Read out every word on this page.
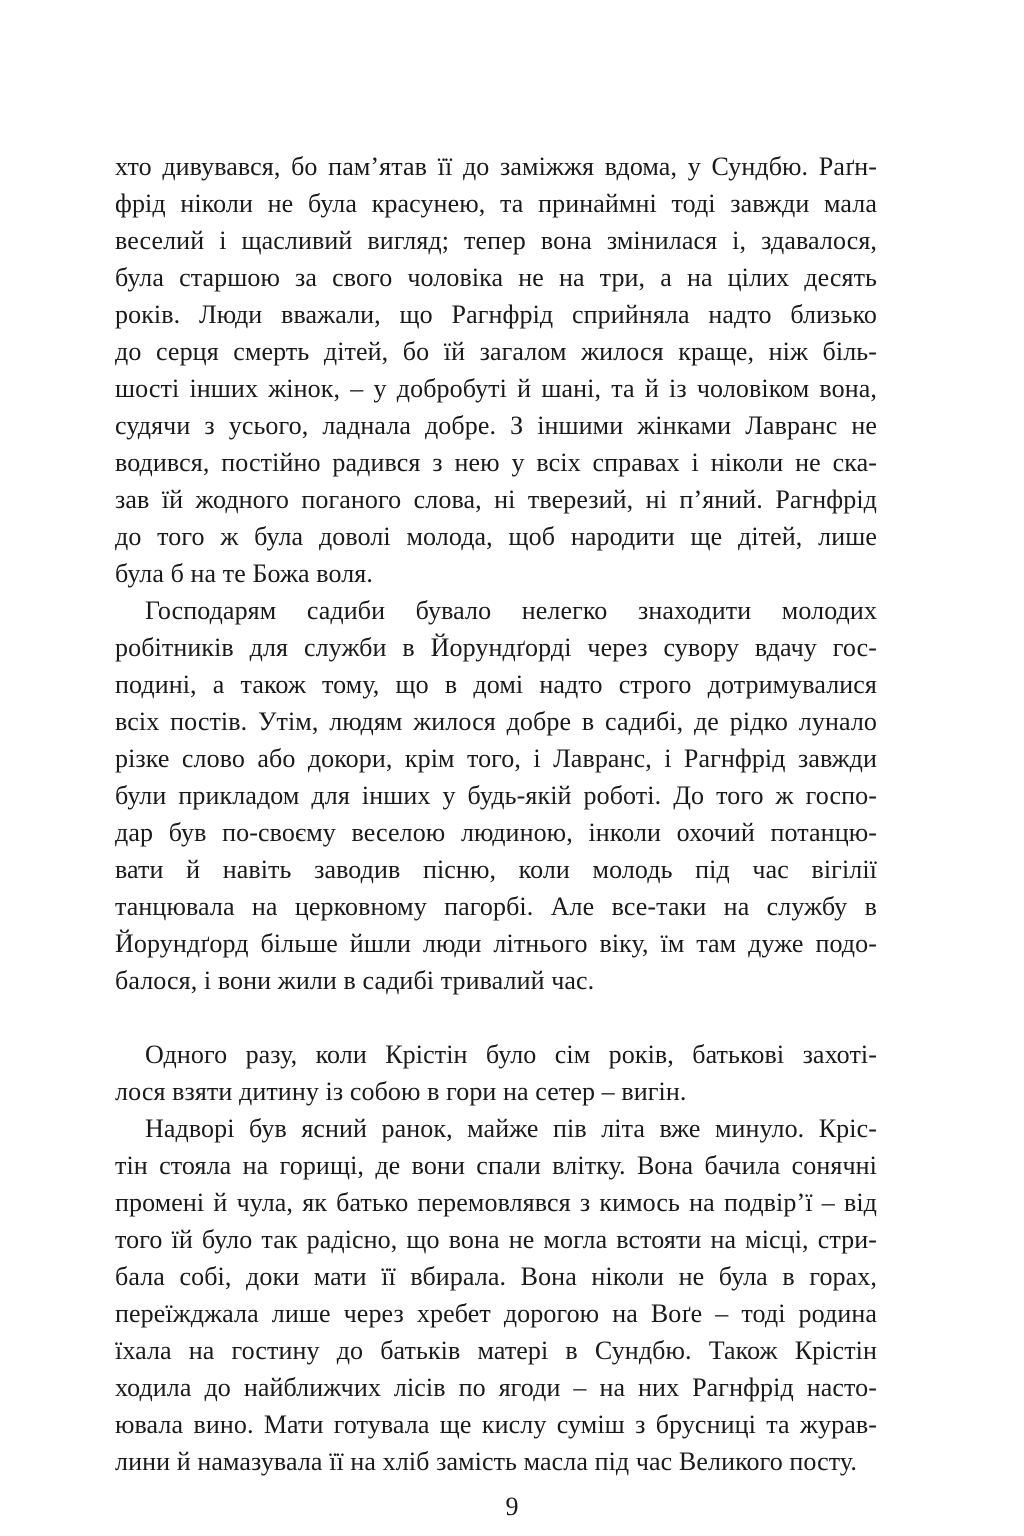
хто дивувався, бо пам’ятав її до заміжжя вдома, у Сундбю. Раґн-
фрід ніколи не була красунею, та принаймні тоді завжди мала
веселий і щасливий вигляд; тепер вона змінилася і, здавалося,
була старшою за свого чоловіка не на три, а на цілих десять
років. Люди вважали, що Рагнфрід сприйняла надто близько
до серця смерть дітей, бо їй загалом жилося краще, ніж біль-
шості інших жінок, – у добробуті й шані, та й із чоловіком вона,
судячи з усього, ладнала добре. З іншими жінками Лавранс не
водився, постійно радився з нею у всіх справах і ніколи не ска-
зав їй жодного поганого слова, ні тверезий, ні п’яний. Рагнфрід
до того ж була доволі молода, щоб народити ще дітей, лише
була б на те Божа воля.
Господарям садиби бувало нелегко знаходити молодих
робітників для служби в Йорундґорді через сувору вдачу гос-
подині, а також тому, що в домі надто строго дотримувалися
всіх постів. Утім, людям жилося добре в садибі, де рідко лунало
різке слово або докори, крім того, і Лавранс, і Рагнфрід завжди
були прикладом для інших у будь-якій роботі. До того ж госпо-
дар був по-своєму веселою людиною, інколи охочий потанцю-
вати й навіть заводив пісню, коли молодь під час вігілії
танцювала на церковному пагорбі. Але все-таки на службу в
Йорундґорд більше йшли люди літнього віку, їм там дуже подо-
балося, і вони жили в садибі тривалий час.
Одного разу, коли Крістін було сім років, батькові захоті-
лося взяти дитину із собою в гори на сетер – вигін.
Надворі був ясний ранок, майже пів літа вже минуло. Кріс-
тін стояла на горищі, де вони спали влітку. Вона бачила сонячні
промені й чула, як батько перемовлявся з кимось на подвір’ї – від
того їй було так радісно, що вона не могла встояти на місці, стри-
бала собі, доки мати її вбирала. Вона ніколи не була в горах,
переїжджала лише через хребет дорогою на Воґе – тоді родина
їхала на гостину до батьків матері в Сундбю. Також Крістін
ходила до найближчих лісів по ягоди – на них Рагнфрід насто-
ювала вино. Мати готувала ще кислу суміш з брусниці та журав-
лини й намазувала її на хліб замість масла під час Великого посту.
9
